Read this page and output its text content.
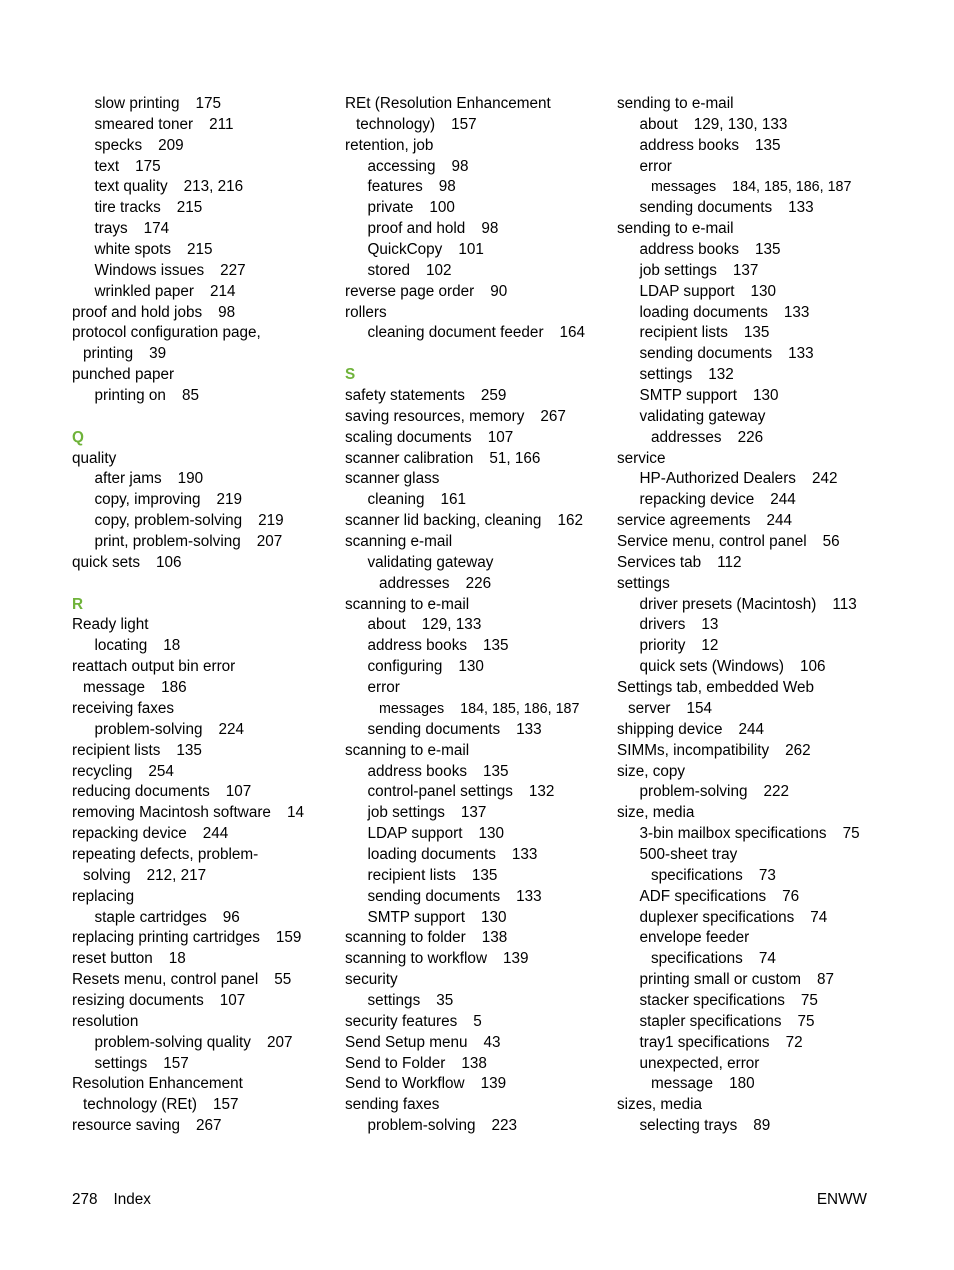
slow printing 175
smeared toner 211
specks 209
text 175
text quality 213, 216
tire tracks 215
trays 174
white spots 215
Windows issues 227
wrinkled paper 214
proof and hold jobs 98
protocol configuration page,
printing 39
punched paper
printing on 85
Q
quality
after jams 190
copy, improving 219
copy, problem-solving 219
print, problem-solving 207
quick sets 106
R
Ready light
locating 18
reattach output bin error
message 186
receiving faxes
problem-solving 224
recipient lists 135
recycling 254
reducing documents 107
removing Macintosh software 14
repacking device 244
repeating defects, problem-
solving 212, 217
replacing
staple cartridges 96
replacing printing cartridges 159
reset button 18
Resets menu, control panel 55
resizing documents 107
resolution
problem-solving quality 207
settings 157
Resolution Enhancement
technology (REt) 157
resource saving 267
REt (Resolution Enhancement
technology) 157
retention, job
accessing 98
features 98
private 100
proof and hold 98
QuickCopy 101
stored 102
reverse page order 90
rollers
cleaning document feeder 164
S
safety statements 259
saving resources, memory 267
scaling documents 107
scanner calibration 51, 166
scanner glass
cleaning 161
scanner lid backing, cleaning 162
scanning e-mail
validating gateway
addresses 226
scanning to e-mail
about 129, 133
address books 135
configuring 130
error
messages 184, 185, 186, 187
sending documents 133
scanning to e-mail
address books 135
control-panel settings 132
job settings 137
LDAP support 130
loading documents 133
recipient lists 135
sending documents 133
SMTP support 130
scanning to folder 138
scanning to workflow 139
security
settings 35
security features 5
Send Setup menu 43
Send to Folder 138
Send to Workflow 139
sending faxes
problem-solving 223
sending to e-mail
about 129, 130, 133
address books 135
error
messages 184, 185, 186, 187
sending documents 133
sending to e-mail
address books 135
job settings 137
LDAP support 130
loading documents 133
recipient lists 135
sending documents 133
settings 132
SMTP support 130
validating gateway
addresses 226
service
HP-Authorized Dealers 242
repacking device 244
service agreements 244
Service menu, control panel 56
Services tab 112
settings
driver presets (Macintosh) 113
drivers 13
priority 12
quick sets (Windows) 106
Settings tab, embedded Web
server 154
shipping device 244
SIMMs, incompatibility 262
size, copy
problem-solving 222
size, media
3-bin mailbox specifications 75
500-sheet tray
specifications 73
ADF specifications 76
duplexer specifications 74
envelope feeder
specifications 74
printing small or custom 87
stacker specifications 75
stapler specifications 75
tray1 specifications 72
unexpected, error
message 180
sizes, media
selecting trays 89
278 Index	ENWW
